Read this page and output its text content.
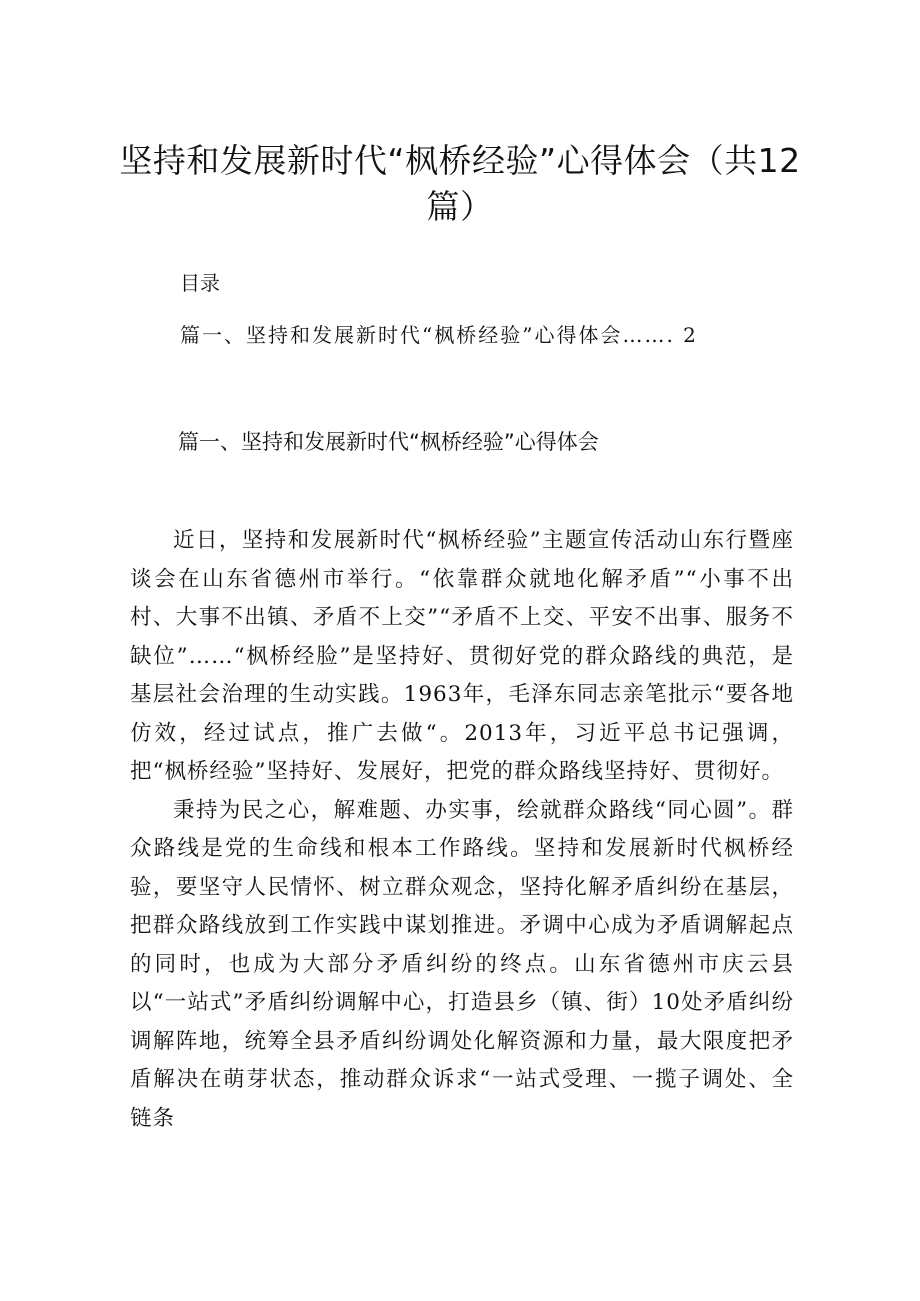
坚持和发展新时代“枫桥经验”心得体会（共12篇）
目录
篇一、坚持和发展新时代“枫桥经验”心得体会……. 2
篇一、坚持和发展新时代“枫桥经验”心得体会

近日，坚持和发展新时代“枫桥经验”主题宣传活动山东行暨座谈会在山东省德州市举行。“依靠群众就地化解矛盾”“小事不出村、大事不出镇、矛盾不上交”“矛盾不上交、平安不出事、服务不缺位”……“枫桥经脸”是坚持好、贯彻好党的群众路线的典范，是基层社会治理的生动实践。1963年，毛泽东同志亲笔批示“要各地仿效，经过试点，推广去做“。2013年，习近平总书记强调，把“枫桥经验”坚持好、发展好，把党的群众路线坚持好、贯彻好。

秉持为民之心，解难题、办实事，绘就群众路线“同心圆”。群众路线是党的生命线和根本工作路线。坚持和发展新时代枫桥经验，要坚守人民情怀、树立群众观念，坚持化解矛盾纠纷在基层，把群众路线放到工作实践中谋划推进。矛调中心成为矛盾调解起点的同时，也成为大部分矛盾纠纷的终点。山东省德州市庆云县以“一站式”矛盾纠纷调解中心，打造县乡（镇、街）10处矛盾纠纷调解阵地，统筹全县矛盾纠纷调处化解资源和力量，最大限度把矛盾解决在萌芽状态，推动群众诉求“一站式受理、一揽子调处、全链条
